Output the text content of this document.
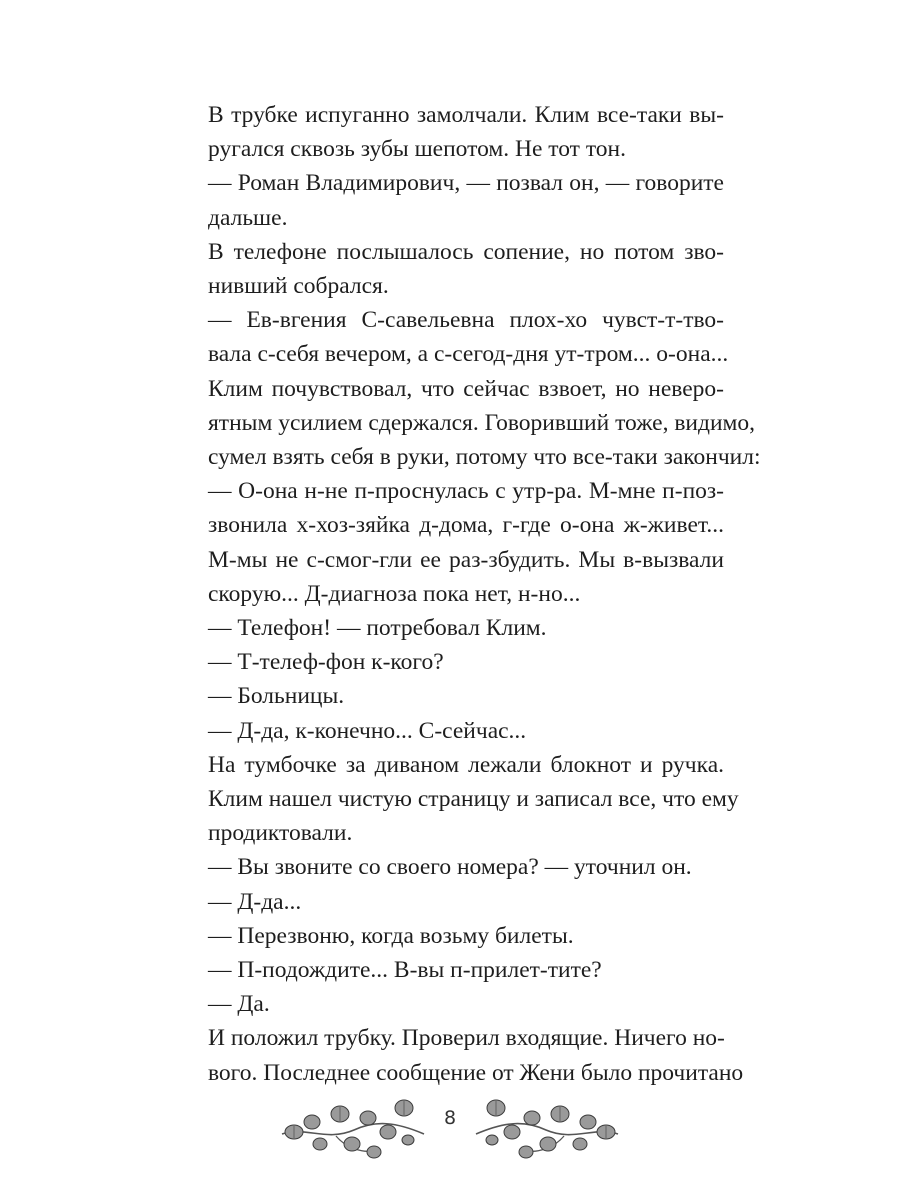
В трубке испуганно замолчали. Клим все-таки вы-
ругался сквозь зубы шепотом. Не тот тон.

— Роман Владимирович, — позвал он, — говорите
дальше.

В телефоне послышалось сопение, но потом зво-
нивший собрался.

— Ев-вгения С-савельевна плох-хо чувст-т-тво-
вала с-себя вечером, а с-сегод-дня ут-тром... о-она...

Клим почувствовал, что сейчас взвоет, но неверо-
ятным усилием сдержался. Говоривший тоже, видимо,
сумел взять себя в руки, потому что все-таки закончил:

— О-она н-не п-проснулась с утр-ра. М-мне п-поз-
звонила х-хоз-зяйка д-дома, г-где о-она ж-живет...
М-мы не с-смог-гли ее раз-збудить. Мы в-вызвали
скорую... Д-диагноза пока нет, н-но...

— Телефон! — потребовал Клим.

— Т-телеф-фон к-кого?

— Больницы.

— Д-да, к-конечно... С-сейчас...

На тумбочке за диваном лежали блокнот и ручка.
Клим нашел чистую страницу и записал все, что ему
продиктовали.

— Вы звоните со своего номера? — уточнил он.

— Д-да...

— Перезвоню, когда возьму билеты.

— П-подождите... В-вы п-прилет-тите?

— Да.

И положил трубку. Проверил входящие. Ничего но-
вого. Последнее сообщение от Жени было прочитано

8
